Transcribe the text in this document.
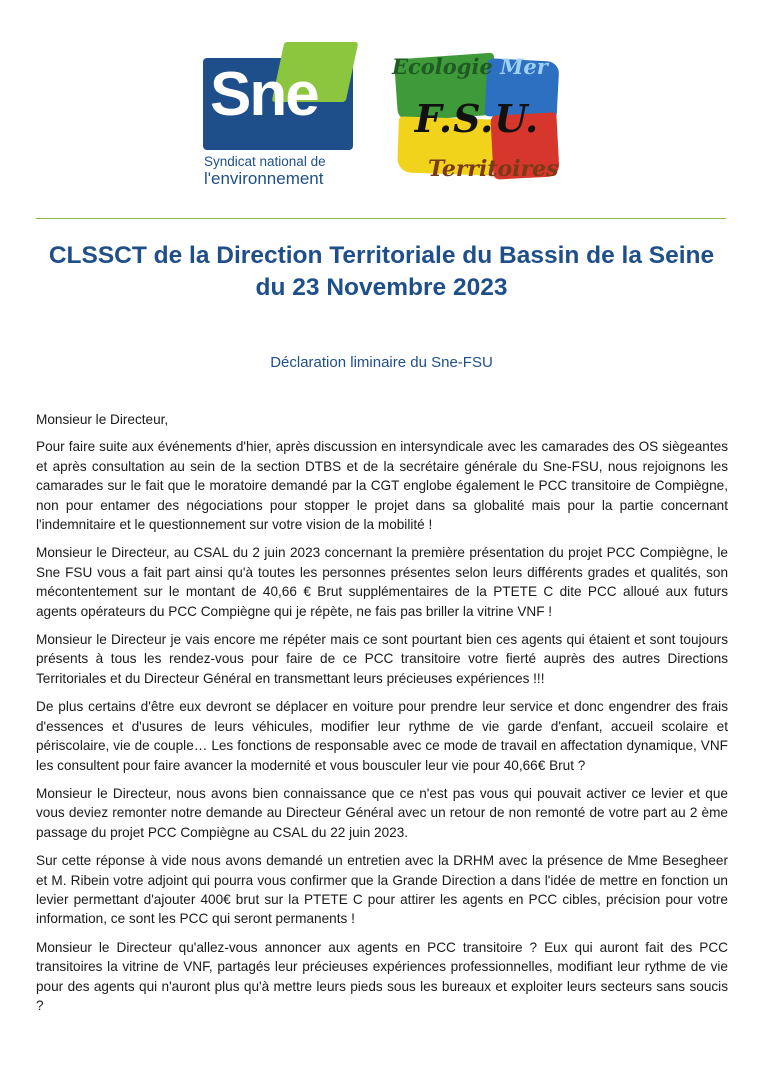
Sne
Syndicat national de
l'environnement
Ecologie Mer
F.S.U.
Territoires
CLSSCT de la Direction Territoriale du Bassin de la Seine
du 23 Novembre 2023
Déclaration liminaire du Sne-FSU

Monsieur le Directeur,

Pour faire suite aux événements d'hier, après discussion en intersyndicale avec les camarades des OS siègeantes et après consultation au sein de la section DTBS et de la secrétaire générale du Sne-FSU, nous rejoignons les camarades sur le fait que le moratoire demandé par la CGT englobe également le PCC transitoire de Compiègne, non pour entamer des négociations pour stopper le projet dans sa globalité mais pour la partie concernant l'indemnitaire et le questionnement sur votre vision de la mobilité !

Monsieur le Directeur, au CSAL du 2 juin 2023 concernant la première présentation du projet PCC Compiègne, le Sne FSU vous a fait part ainsi qu'à toutes les personnes présentes selon leurs différents grades et qualités, son mécontentement sur le montant de 40,66 € Brut supplémentaires de la PTETE C dite PCC alloué aux futurs agents opérateurs du PCC Compiègne qui je répète, ne fais pas briller la vitrine VNF !

Monsieur le Directeur je vais encore me répéter mais ce sont pourtant bien ces agents qui étaient et sont toujours présents à tous les rendez-vous pour faire de ce PCC transitoire votre fierté auprès des autres Directions Territoriales et du Directeur Général en transmettant leurs précieuses expériences !!!

De plus certains d'être eux devront se déplacer en voiture pour prendre leur service et donc engendrer des frais d'essences et d'usures de leurs véhicules, modifier leur rythme de vie garde d'enfant, accueil scolaire et périscolaire, vie de couple… Les fonctions de responsable avec ce mode de travail en affectation dynamique, VNF les consultent pour faire avancer la modernité et vous bousculer leur vie pour 40,66€ Brut ?

Monsieur le Directeur, nous avons bien connaissance que ce n'est pas vous qui pouvait activer ce levier et que vous deviez remonter notre demande au Directeur Général avec un retour de non remonté de votre part au 2 ème passage du projet PCC Compiègne au CSAL du 22 juin 2023.

Sur cette réponse à vide nous avons demandé un entretien avec la DRHM avec la présence de Mme Besegheer et M. Ribein votre adjoint qui pourra vous confirmer que la Grande Direction a dans l'idée de mettre en fonction un levier permettant d'ajouter 400€ brut sur la PTETE C pour attirer les agents en PCC cibles, précision pour votre information, ce sont les PCC qui seront permanents !

Monsieur le Directeur qu'allez-vous annoncer aux agents en PCC transitoire ? Eux qui auront fait des PCC transitoires la vitrine de VNF, partagés leur précieuses expériences professionnelles, modifiant leur rythme de vie pour des agents qui n'auront plus qu'à mettre leurs pieds sous les bureaux et exploiter leurs secteurs sans soucis ?
